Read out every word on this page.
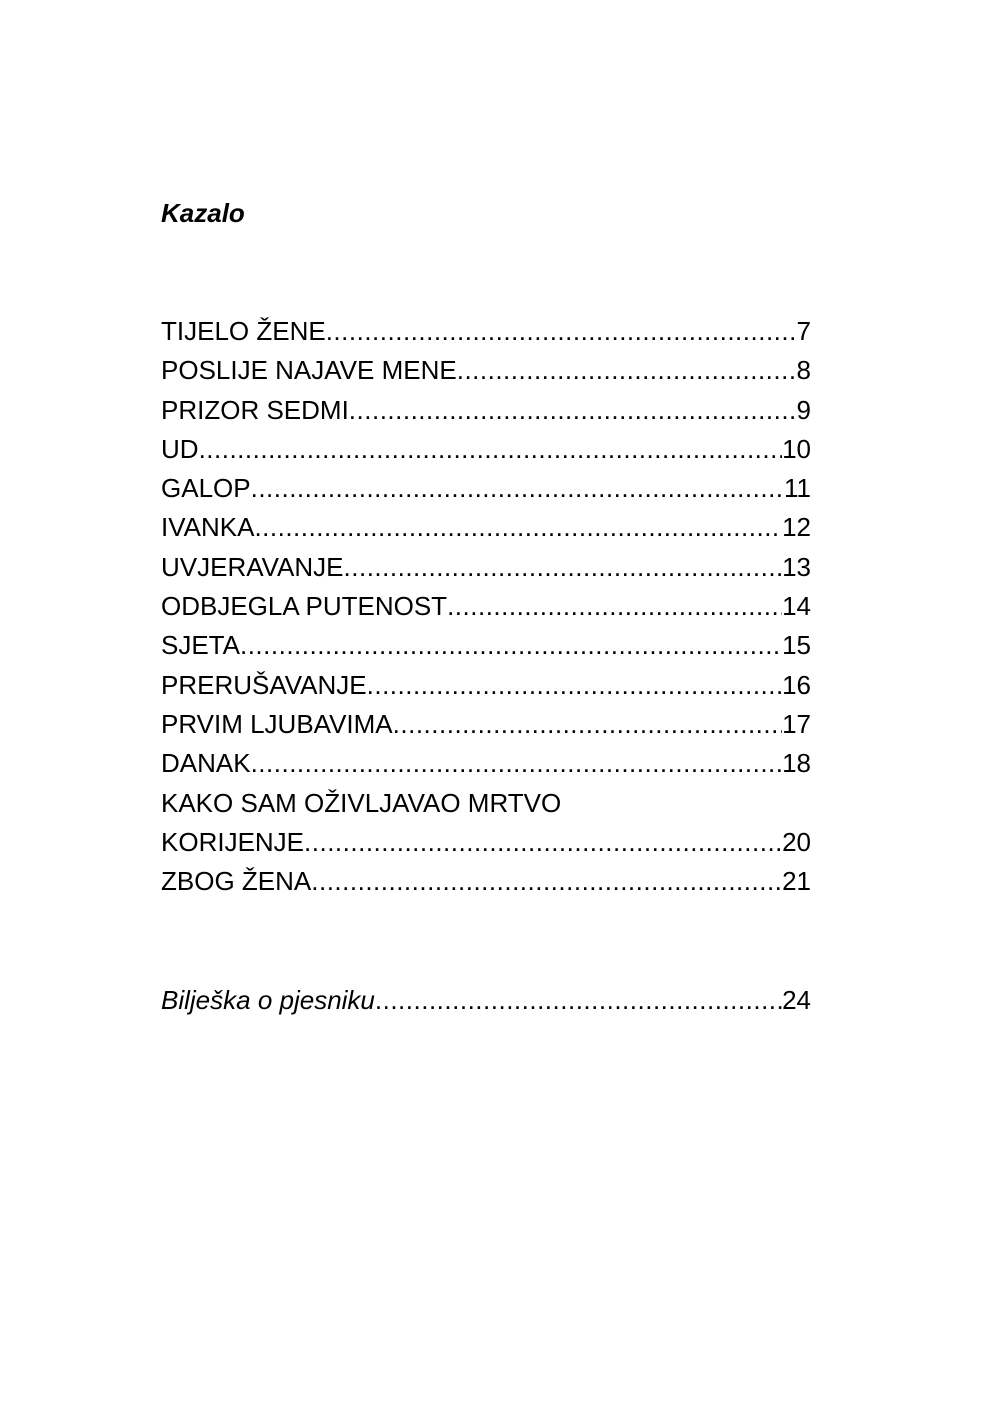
Kazalo
TIJELO ŽENE .....	7
POSLIJE NAJAVE MENE .....	8
PRIZOR SEDMI .....	9
UD .....	10
GALOP .....	11
IVANKA .....	12
UVJERAVANJE .....	13
ODBJEGLA PUTENOST .....	14
SJETA .....	15
PRERUŠAVANJE .....	16
PRVIM LJUBAVIMA .....	17
DANAK .....	18
KAKO SAM OŽIVLJAVAO MRTVO
KORIJENJE .....	20
ZBOG ŽENA .....	21
Bilješka o pjesniku .....	24
